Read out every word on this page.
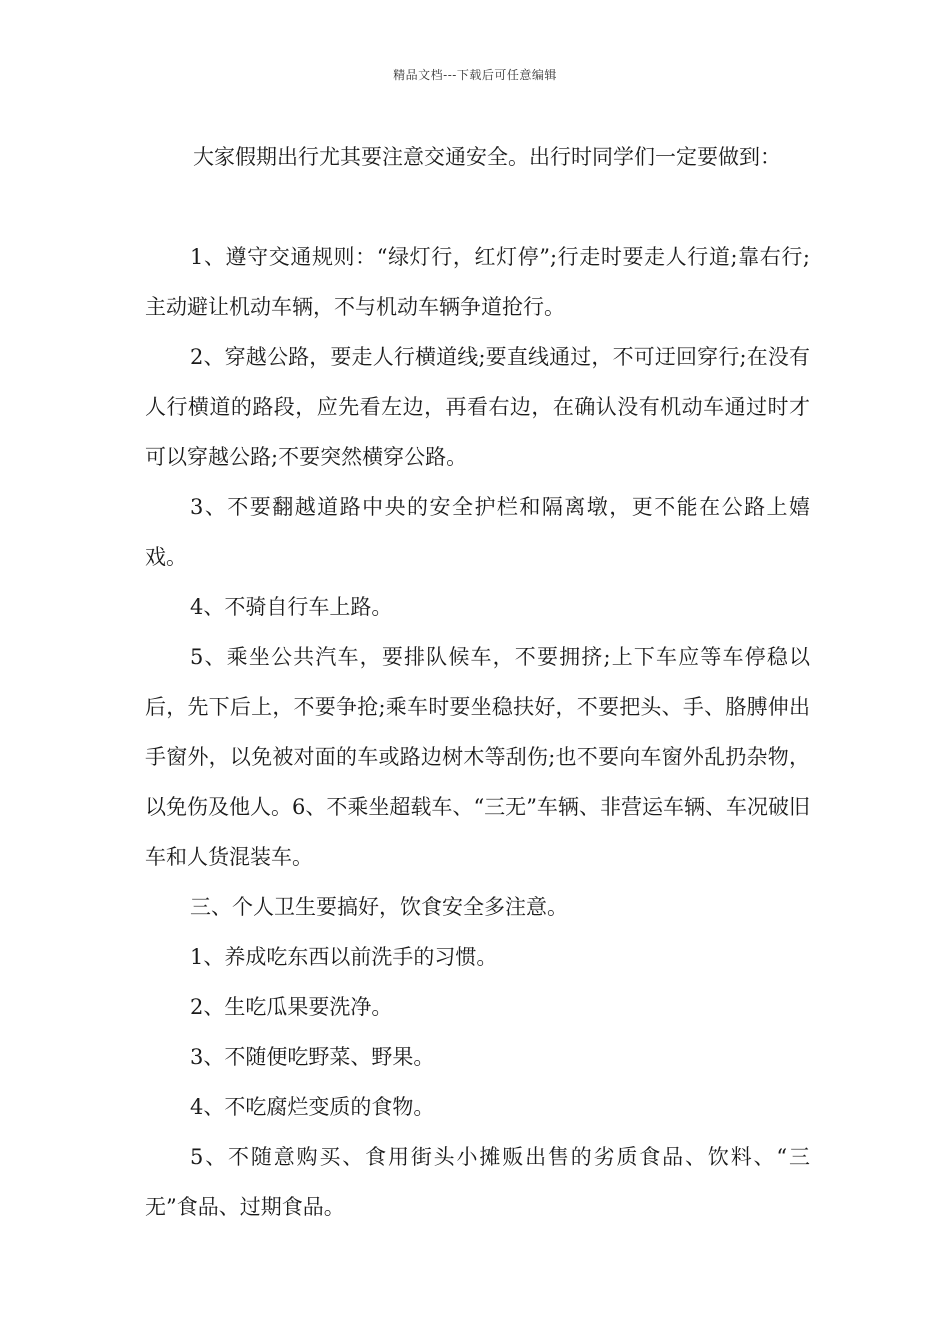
精品文档---下载后可任意编辑

大家假期出行尤其要注意交通安全。出行时同学们一定要做到：

1、遵守交通规则：“绿灯行，红灯停”;行走时要走人行道;靠右行;主动避让机动车辆，不与机动车辆争道抢行。

2、穿越公路，要走人行横道线;要直线通过，不可迂回穿行;在没有人行横道的路段，应先看左边，再看右边，在确认没有机动车通过时才可以穿越公路;不要突然横穿公路。

3、不要翻越道路中央的安全护栏和隔离墩，更不能在公路上嬉戏。

4、不骑自行车上路。

5、乘坐公共汽车，要排队候车，不要拥挤;上下车应等车停稳以后，先下后上，不要争抢;乘车时要坐稳扶好，不要把头、手、胳膊伸出手窗外，以免被对面的车或路边树木等刮伤;也不要向车窗外乱扔杂物，以免伤及他人。6、不乘坐超载车、“三无”车辆、非营运车辆、车况破旧车和人货混装车。

三、个人卫生要搞好，饮食安全多注意。

1、养成吃东西以前洗手的习惯。

2、生吃瓜果要洗净。

3、不随便吃野菜、野果。

4、不吃腐烂变质的食物。

5、不随意购买、食用街头小摊贩出售的劣质食品、饮料、“三无”食品、过期食品。
